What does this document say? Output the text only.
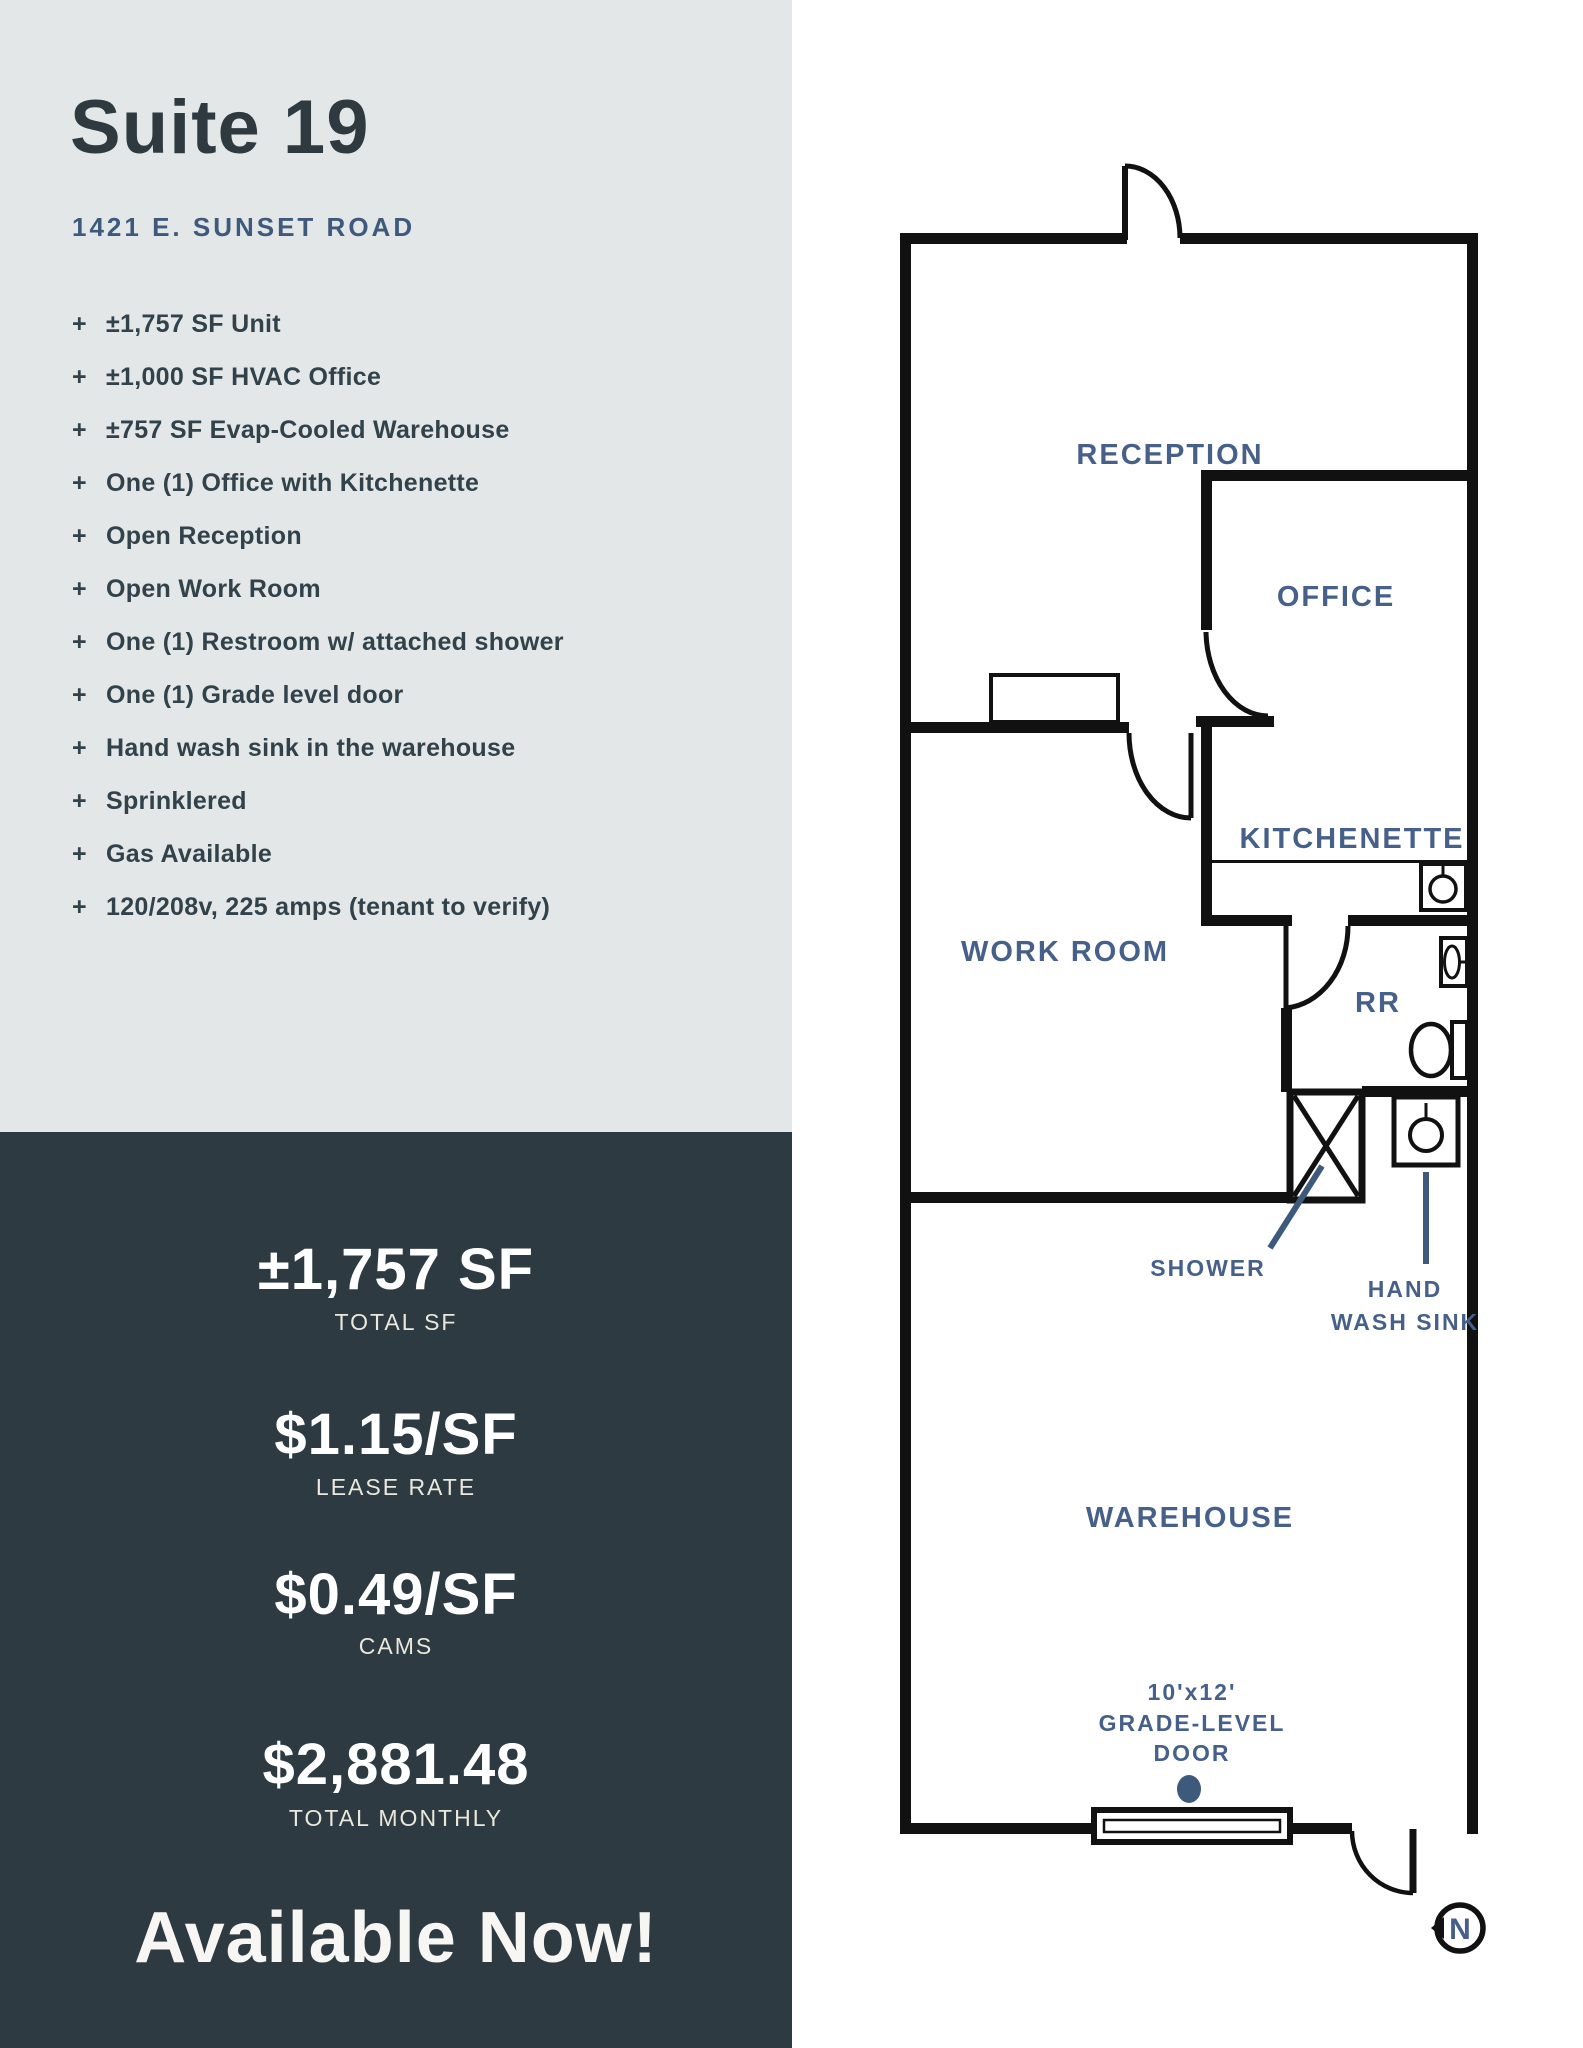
Suite 19
1421 E. SUNSET ROAD
+ ±1,757 SF Unit
+ ±1,000 SF HVAC Office
+ ±757 SF Evap-Cooled Warehouse
+ One (1) Office with Kitchenette
+ Open Reception
+ Open Work Room
+ One (1) Restroom w/ attached shower
+ One (1) Grade level door
+ Hand wash sink in the warehouse
+ Sprinklered
+ Gas Available
+ 120/208v, 225 amps (tenant to verify)
±1,757 SF
TOTAL SF
$1.15/SF
LEASE RATE
$0.49/SF
CAMS
$2,881.48
TOTAL MONTHLY
Available Now!	N
RECEPTION
OFFICE
KITCHENETTE
WORK ROOM
RR
WAREHOUSE
SHOWER
HAND
WASH SINK
10'x12'
GRADE-LEVEL
DOOR
